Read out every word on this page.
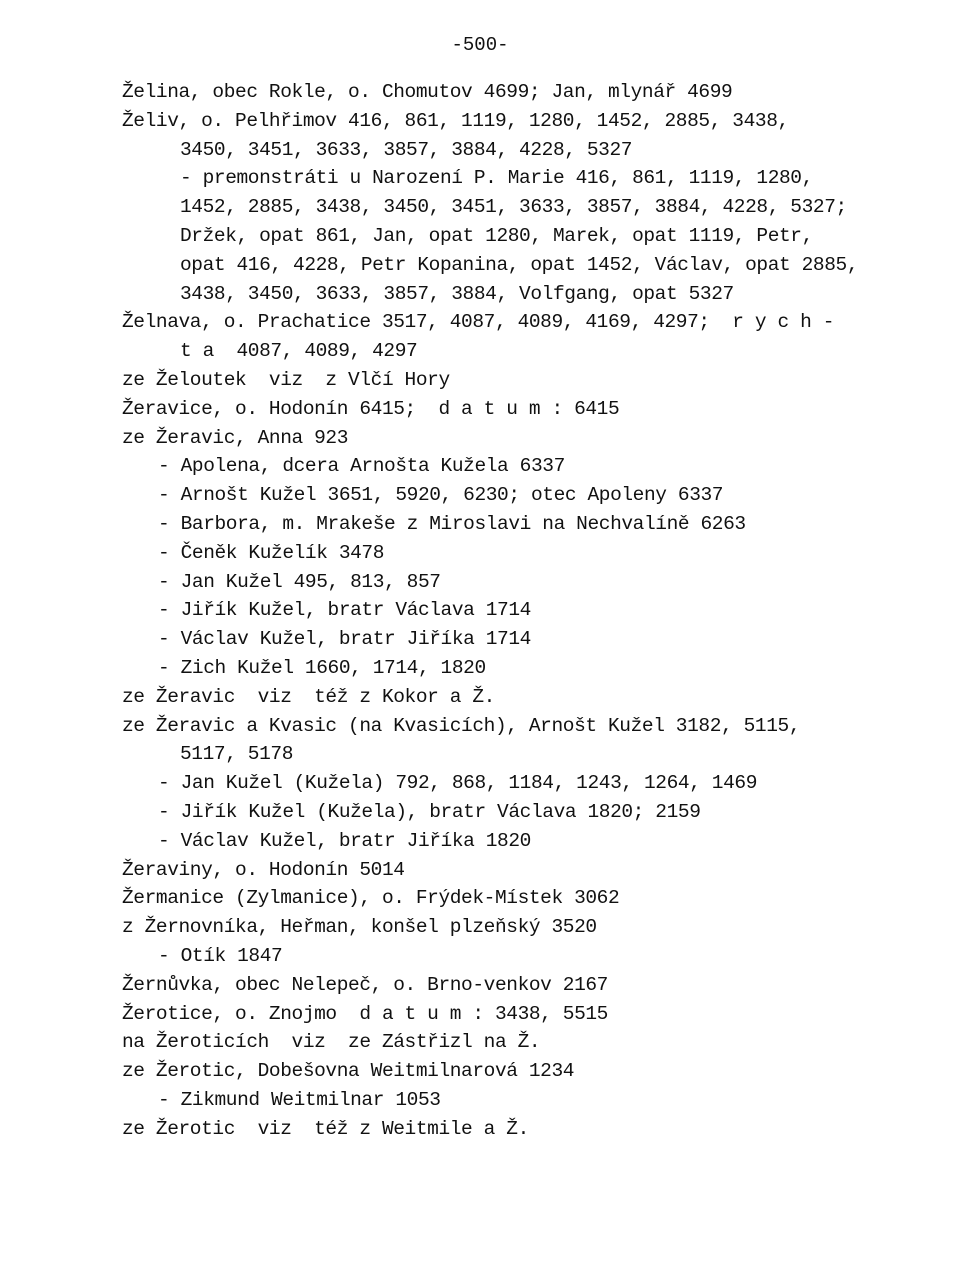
-500-
Želina, obec Rokle, o. Chomutov 4699; Jan, mlynář 4699
Želiv, o. Pelhřimov 416, 861, 1119, 1280, 1452, 2885, 3438,
3450, 3451, 3633, 3857, 3884, 4228, 5327
- premonstráti u Narození P. Marie 416, 861, 1119, 1280,
1452, 2885, 3438, 3450, 3451, 3633, 3857, 3884, 4228, 5327;
Držek, opat 861, Jan, opat 1280, Marek, opat 1119, Petr,
opat 416, 4228, Petr Kopanina, opat 1452, Václav, opat 2885,
3438, 3450, 3633, 3857, 3884, Volfgang, opat 5327
Želnava, o. Prachatice 3517, 4087, 4089, 4169, 4297;  r y c h -
t a  4087, 4089, 4297
ze Želoutek  viz  z Vlčí Hory
Žeravice, o. Hodonín 6415;  d a t u m : 6415
ze Žeravic, Anna 923
- Apolena, dcera Arnošta Kužela 6337
- Arnošt Kužel 3651, 5920, 6230; otec Apoleny 6337
- Barbora, m. Mrakeše z Miroslavi na Nechvalíně 6263
- Čeněk Kuželík 3478
- Jan Kužel 495, 813, 857
- Jiřík Kužel, bratr Václava 1714
- Václav Kužel, bratr Jiříka 1714
- Zich Kužel 1660, 1714, 1820
ze Žeravic  viz  též z Kokor a Ž.
ze Žeravic a Kvasic (na Kvasicích), Arnošt Kužel 3182, 5115,
5117, 5178
- Jan Kužel (Kužela) 792, 868, 1184, 1243, 1264, 1469
- Jiřík Kužel (Kužela), bratr Václava 1820; 2159
- Václav Kužel, bratr Jiříka 1820
Žeraviny, o. Hodonín 5014
Žermanice (Zylmanice), o. Frýdek-Místek 3062
z Žernovníka, Heřman, konšel plzeňský 3520
- Otík 1847
Žernůvka, obec Nelepeč, o. Brno-venkov 2167
Žerotice, o. Znojmo  d a t u m : 3438, 5515
na Žeroticích  viz  ze Zástřizl na Ž.
ze Žerotic, Dobešovna Weitmilnarová 1234
- Zikmund Weitmilnar 1053
ze Žerotic  viz  též z Weitmile a Ž.
